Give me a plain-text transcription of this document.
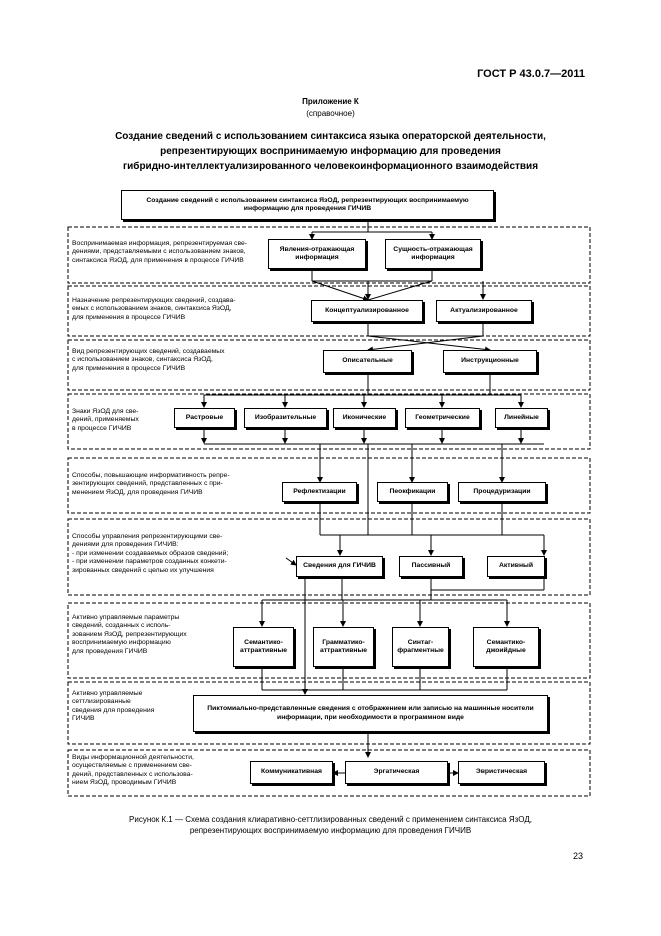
ГОСТ Р 43.0.7—2011
Приложение К
(справочное)
Создание сведений с использованием синтаксиса языка операторской деятельности,
репрезентирующих воспринимаемую информацию для проведения
гибридно-интеллектуализированного человекоинформационного взаимодействия
Создание сведений с использованием синтаксиса ЯзОД, репрезентирующих воспринимаемую информацию для проведения ГИЧИВ
Воспринимаемая информация, репрезентируемая све-
дениями, представляемыми с использованием знаков,
синтаксиса ЯзОД, для применения в процессе ГИЧИВ
Явления-отражающая информация
Сущность-отражающая информация
Назначение репрезентирующих сведений, создава-
емых с использованием знаков, синтаксиса ЯзОД,
для применения в процессе ГИЧИВ
Концептуализированное	Актуализированное
Вид репрезентирующих сведений, создаваемых
с использованием знаков, синтаксиса ЯзОД,
для применения в процессе ГИЧИВ
Описательные	Инструкционные
Знаки ЯзОД для све-
дений, применяемых
в процессе ГИЧИВ
Растровые	Изобразительные	Иконические	Геометрические	Линейные
Способы, повышающие информативность репре-
зентирующих сведений, представленных с при-
менением ЯзОД, для проведения ГИЧИВ	Рефлектизации	Пеокфикации	Процедуризации
Способы управления репрезентирующими све-
дениями для проведения ГИЧИВ:
- при изменении создаваемых образов сведений;
- при изменении параметров созданных конкети-
зированных сведений с целью их улучшения
Сведения для ГИЧИВ	Пассивный	Активный
Активно управляемые параметры
сведений, созданных с исполь-
зованием ЯзОД, репрезентирующих
воспринимаемую информацию
для проведения ГИЧИВ
Семантико-аттрактивные
Грамматико-аттрактивные
Синтаг-фрагментные
Семантико-джоийдные
Активно управляемые
сеттлизированные
сведения для проведения
ГИЧИВ
Пиктомиально-представленные сведения с отображением или записью на машинные носители информации, при необходимости в программном виде
Виды информационной деятельности,
осуществляемые с применением све-
дений, представленных с использова-
нием ЯзОД, проводимым ГИЧИВ
Коммуникативная	Эргатическая	Эвристическая
Рисунок К.1 — Схема создания клиаративно-сеттлизированных сведений с применением синтаксиса ЯзОД,
репрезентирующих воспринимаемую информацию для проведения ГИЧИВ
23
